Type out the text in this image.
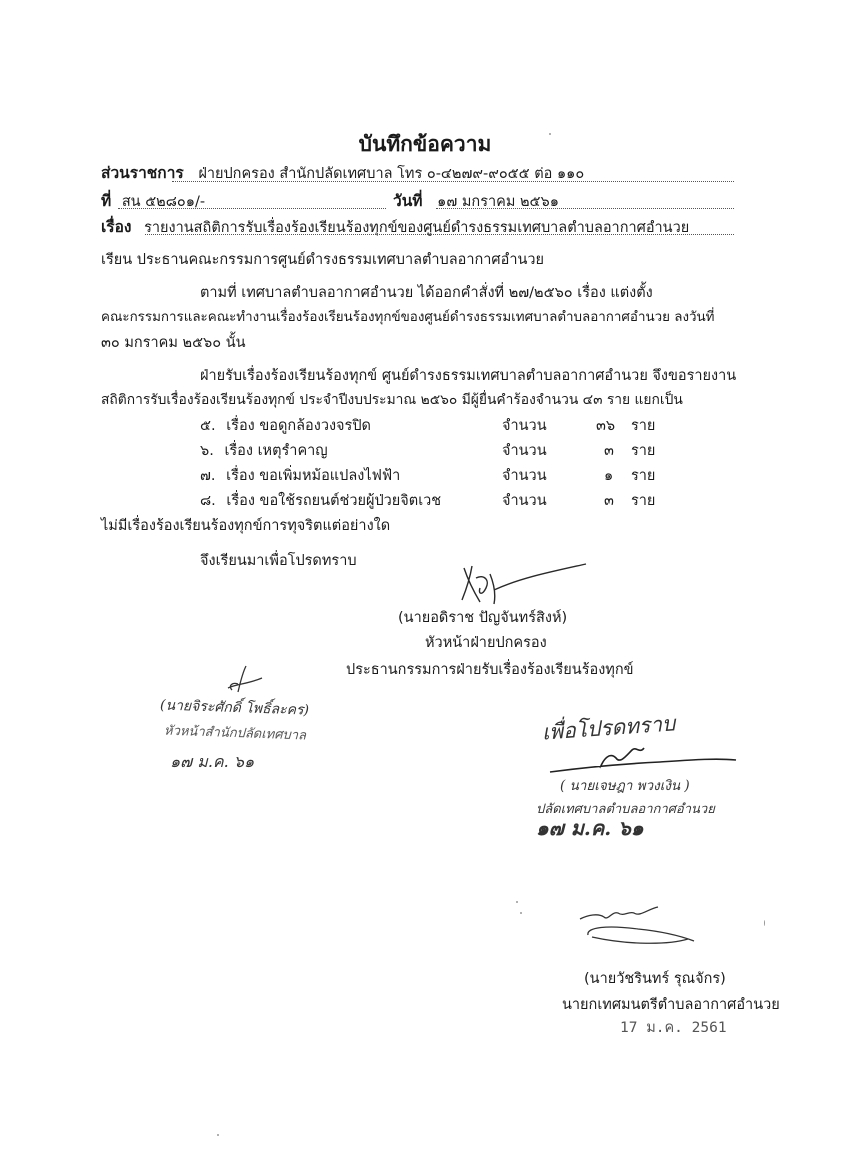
บันทึกข้อความ
ส่วนราชการ ฝ่ายปกครอง สำนักปลัดเทศบาล โทร ๐-๔๒๗๙-๙๐๕๕ ต่อ ๑๑๐
ที่ สน ๕๒๘๐๑/-	วันที่ ๑๗ มกราคม ๒๕๖๑
เรื่อง รายงานสถิติการรับเรื่องร้องเรียนร้องทุกข์ของศูนย์ดำรงธรรมเทศบาลตำบลอากาศอำนวย
เรียน ประธานคณะกรรมการศูนย์ดำรงธรรมเทศบาลตำบลอากาศอำนวย
ตามที่ เทศบาลตำบลอากาศอำนวย ได้ออกคำสั่งที่ ๒๗/๒๕๖๐ เรื่อง แต่งตั้ง
คณะกรรมการและคณะทำงานเรื่องร้องเรียนร้องทุกข์ของศูนย์ดำรงธรรมเทศบาลตำบลอากาศอำนวย ลงวันที่
๓๐ มกราคม ๒๕๖๐ นั้น
ฝ่ายรับเรื่องร้องเรียนร้องทุกข์ ศูนย์ดำรงธรรมเทศบาลตำบลอากาศอำนวย จึงขอรายงาน
สถิติการรับเรื่องร้องเรียนร้องทุกข์ ประจำปีงบประมาณ ๒๕๖๐ มีผู้ยื่นคำร้องจำนวน ๔๓ ราย แยกเป็น
๕. เรื่อง ขอดูกล้องวงจรปิด	จำนวน	๓๖ ราย
๖. เรื่อง เหตุรำคาญ	จำนวน	๓ ราย
๗. เรื่อง ขอเพิ่มหม้อแปลงไฟฟ้า	จำนวน	๑ ราย
๘. เรื่อง ขอใช้รถยนต์ช่วยผู้ป่วยจิตเวช	จำนวน	๓ ราย
ไม่มีเรื่องร้องเรียนร้องทุกข์การทุจริตแต่อย่างใด
จึงเรียนมาเพื่อโปรดทราบ
(นายอดิราช ปัญจันทร์สิงห์)
หัวหน้าฝ่ายปกครอง
ประธานกรรมการฝ่ายรับเรื่องร้องเรียนร้องทุกข์
(นายจิระศักดิ์ โพธิ์ละคร)
หัวหน้าสำนักปลัดเทศบาล
๑๗ ม.ค. ๖๑
เพื่อโปรดทราบ
( นายเจษฎา พวงเงิน )
ปลัดเทศบาลตำบลอากาศอำนวย
๑๗ ม.ค. ๖๑
(นายวัชรินทร์ รุณจักร)
นายกเทศมนตรีตำบลอากาศอำนวย
17 ม.ค. 2561
